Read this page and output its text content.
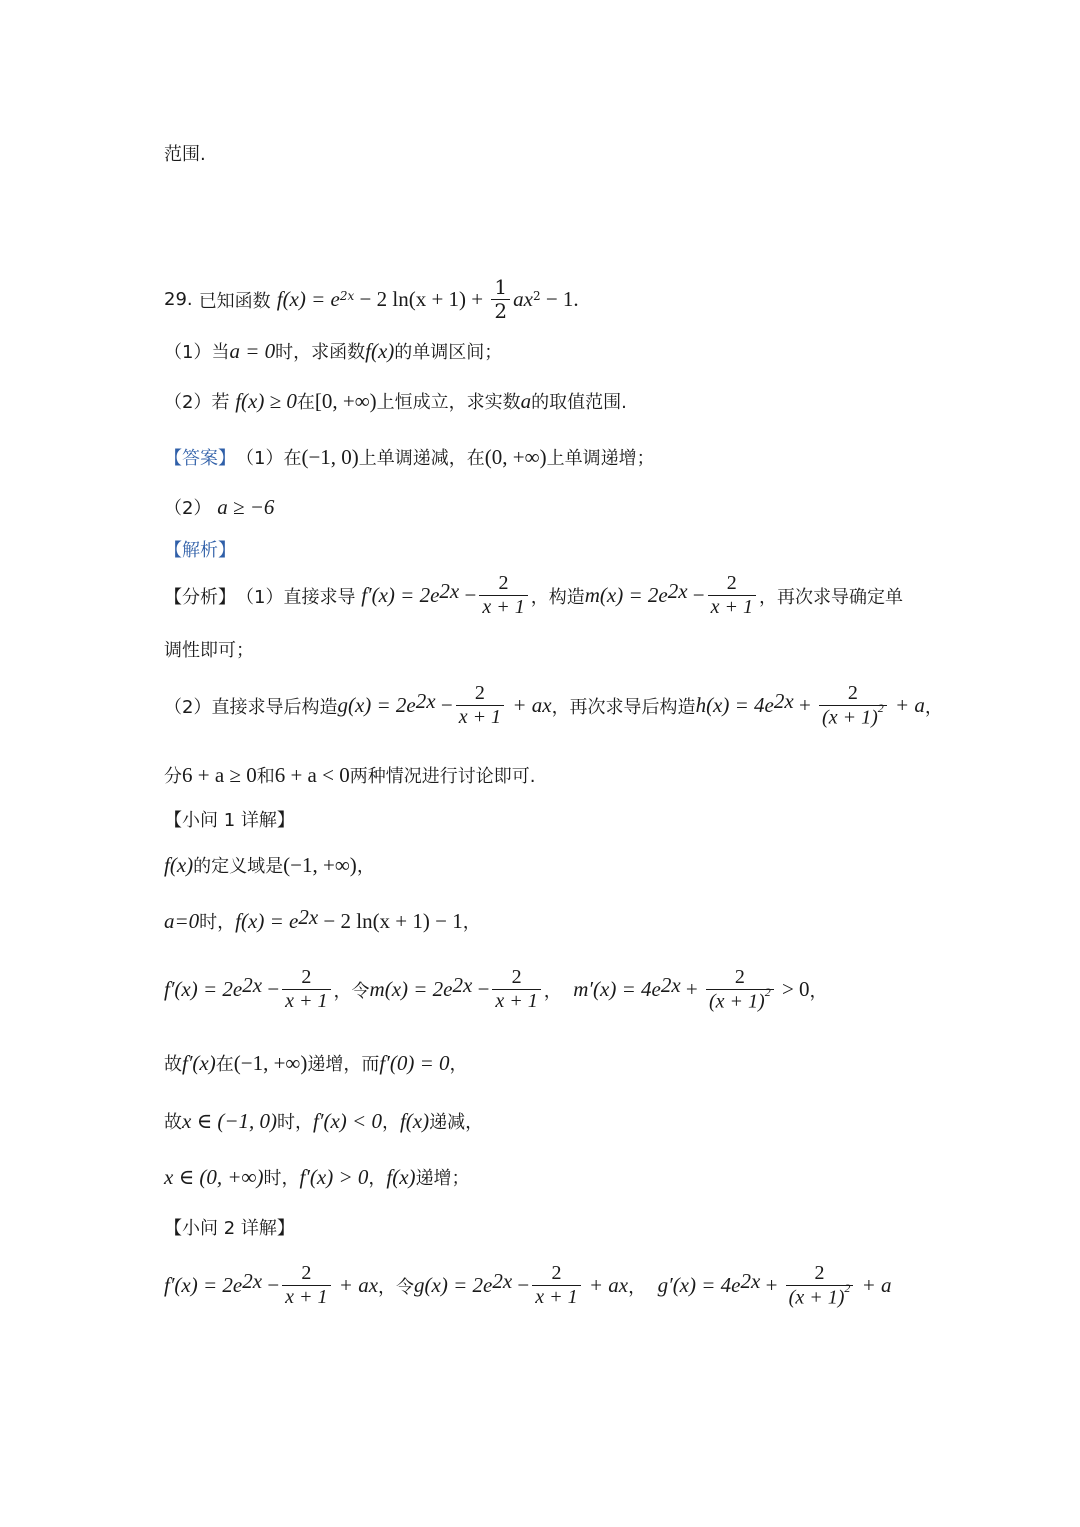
范围.
29.
已知函数
$f(x) = e^{2x} - 2$ $\ln(x + 1) + \frac{1}{2} ax^2 - 1$.
（1）当 a = 0 时，求函数 f(x) 的单调区间；
（2）若
f(x) ≥ 0 在 [0, +∞) 上恒成立，求实数 a 的取值范围.
【答案】 （1）在 (−1, 0) 上单调递减，在 (0, +∞) 上单调递增；
（2）
a ≥ −6
【解析】
【分析】 （1）直接求导
$f'(x) = 2e^{2x} - \frac{2}{x + 1}$ ，构造 $m(x) = 2e^{2x} - \frac{2}{x + 1}$ ，再次求导确定单
调性即可；
（2）直接求导后构造 $g(x) = 2e^{2x} - \frac{2}{x + 1}$ + ax ，再次求导后构造 $h(x) = 4e^{2x} + \frac{2}{(x + 1)^2} + a$ ，
分 6 + a ≥ 0 和 6 + a < 0 两种情况进行讨论即可.
【小问 1 详解】
f(x) 的定义域是 (−1, +∞) ，
a=0 时， $f(x) = e^{2x} - 2$ ln(x + 1) − 1 ，
$f'(x) = 2e^{2x} - \frac{2}{x + 1}$ ，令 $m(x) = 2e^{2x} - \frac{2}{x + 1}$ ，
$m'(x) = 4e^{2x} + \frac{2}{(x + 1)^2} > 0$ ，
故 f′(x) 在 (−1, +∞) 递增，而 f′(0) = 0 ，
故 x ∈ (−1, 0) 时， f′(x) < 0 ， f(x) 递减，
x ∈ (0, +∞) 时， f′(x) > 0 ， f(x) 递增；
【小问 2 详解】
$f'(x) = 2e^{2x} - \frac{2}{x + 1}$ + ax ，令 $g(x) = 2e^{2x} - \frac{2}{x + 1}$ + ax ，
$g'(x) = 4e^{2x} + \frac{2}{(x + 1)^2} + a$
